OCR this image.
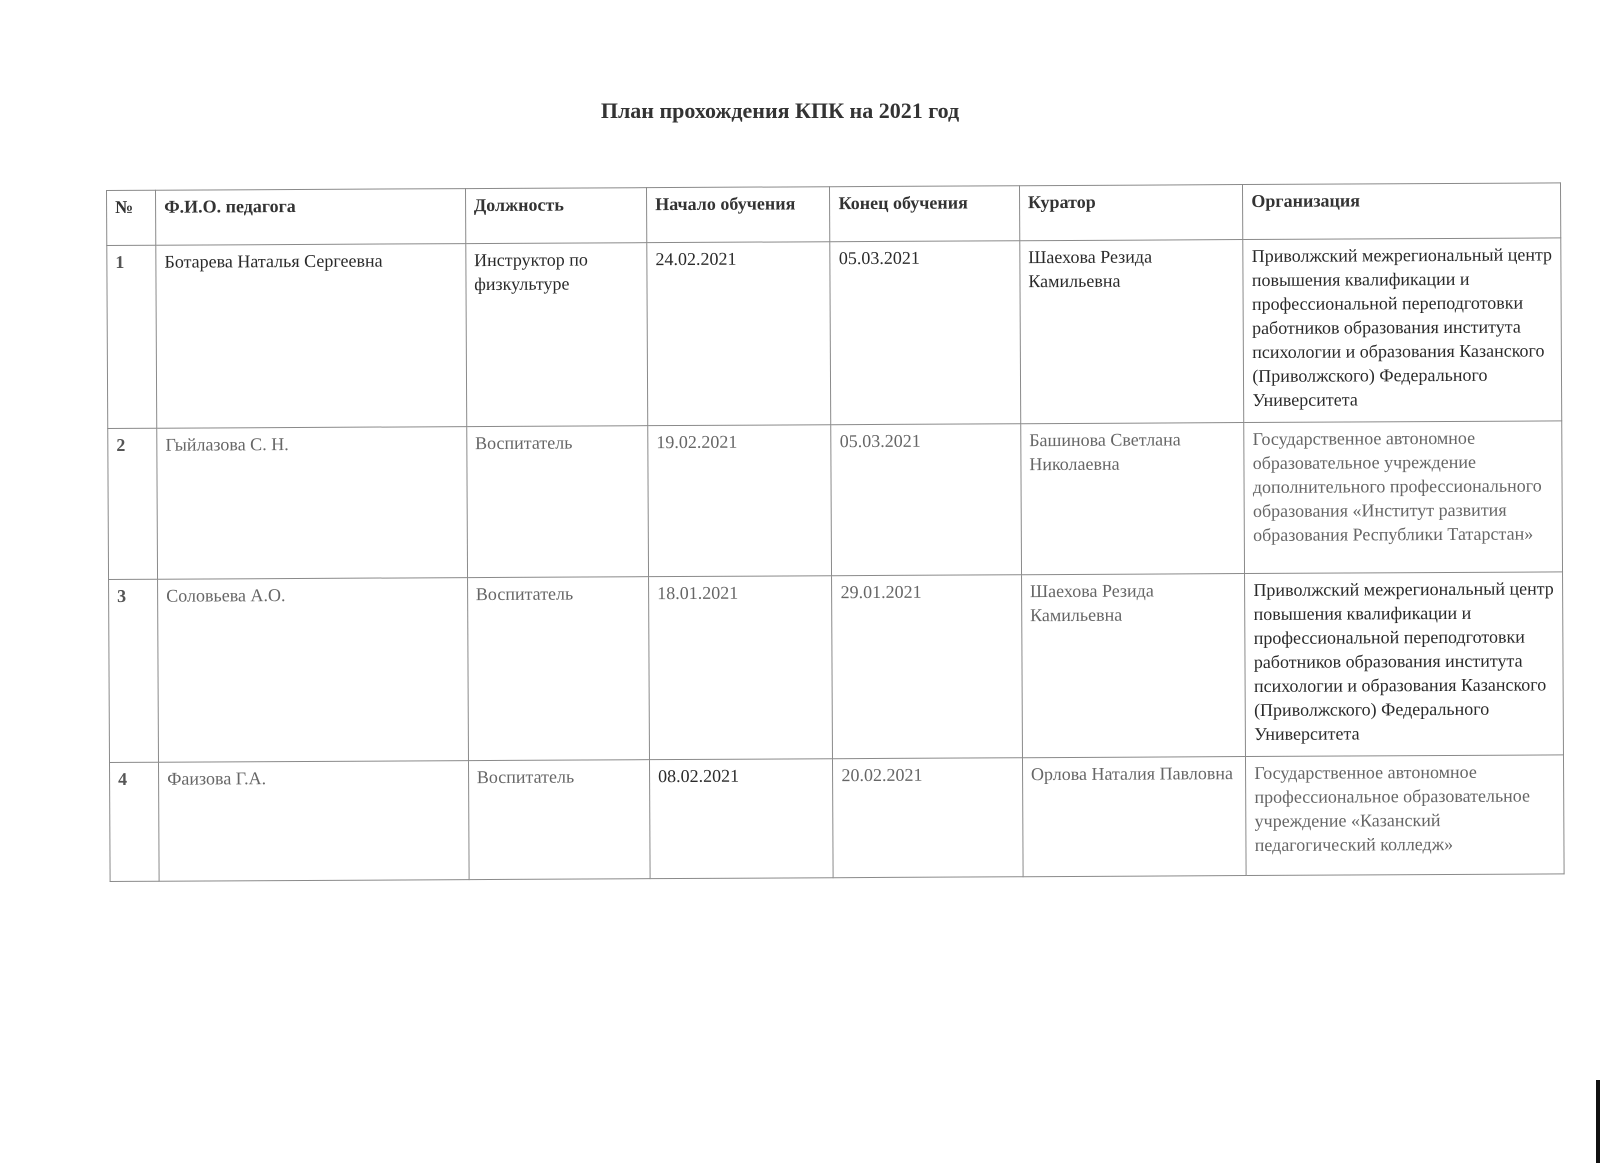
План прохождения КПК на 2021 год
№	Ф.И.О. педагога	Должность	Начало обучения	Конец обучения	Куратор	Организация
1	Ботарева Наталья Сергеевна	Инструктор по физкультуре	24.02.2021	05.03.2021	Шаехова Резида Камильевна	Приволжский межрегиональный центр повышения квалификации и профессиональной переподготовки работников образования института психологии и образования Казанского (Приволжского) Федерального Университета
2	Гыйлазова С. Н.	Воспитатель	19.02.2021	05.03.2021	Башинова Светлана Николаевна	Государственное автономное образовательное учреждение дополнительного профессионального образования «Институт развития образования Республики Татарстан»
3	Соловьева А.О.	Воспитатель	18.01.2021	29.01.2021	Шаехова Резида Камильевна	Приволжский межрегиональный центр повышения квалификации и профессиональной переподготовки работников образования института психологии и образования Казанского (Приволжского) Федерального Университета
4	Фаизова Г.А.	Воспитатель	08.02.2021	20.02.2021	Орлова Наталия Павловна	Государственное автономное профессиональное образовательное учреждение «Казанский педагогический колледж»
